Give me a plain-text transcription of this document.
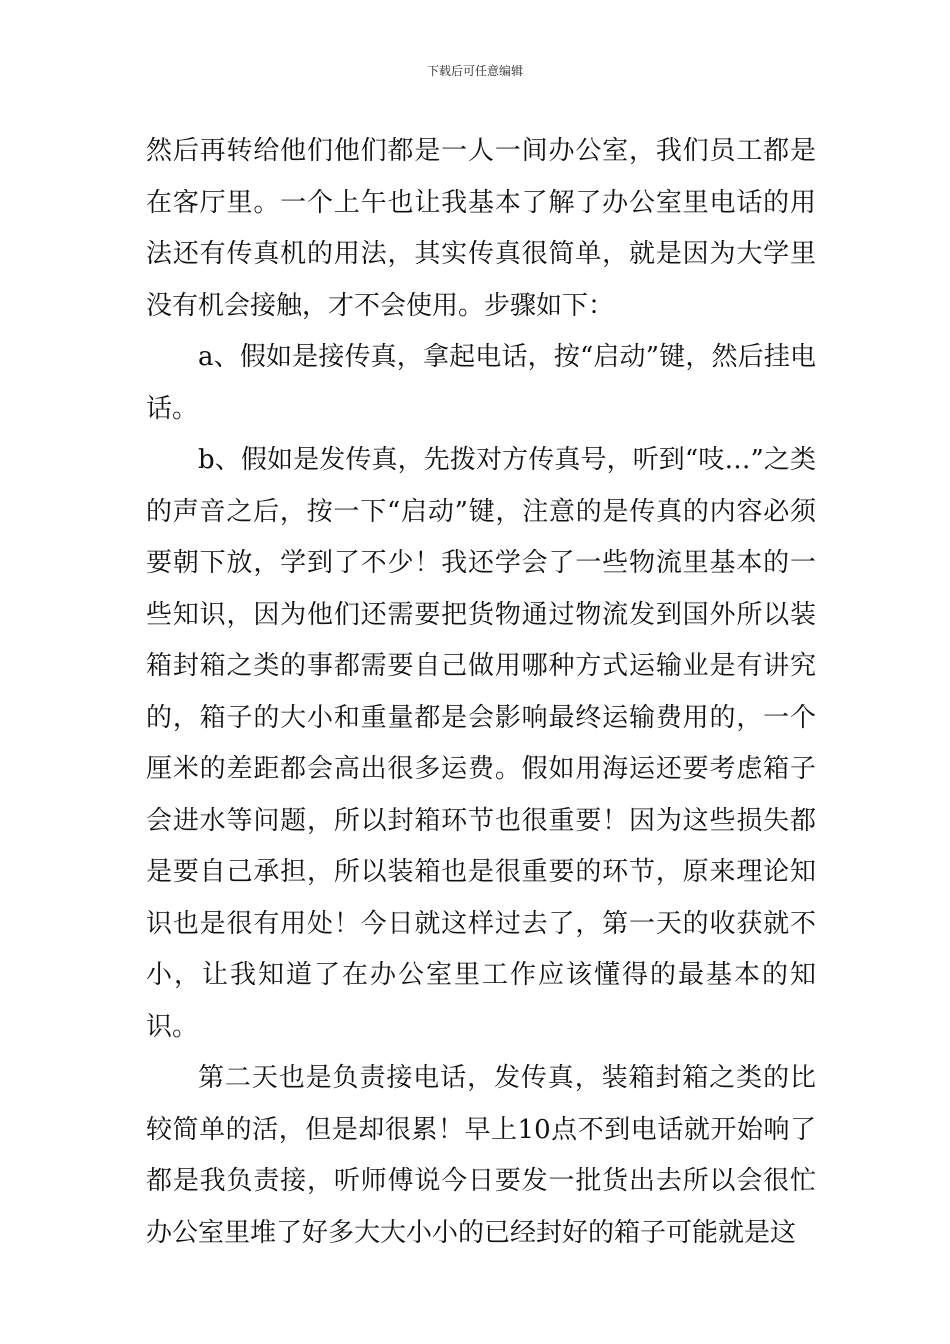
下载后可任意编辑

然后再转给他们他们都是一人一间办公室，我们员工都是在客厅里。一个上午也让我基本了解了办公室里电话的用法还有传真机的用法，其实传真很简单，就是因为大学里没有机会接触，才不会使用。步骤如下：

a、假如是接传真，拿起电话，按“启动”键，然后挂电话。

b、假如是发传真，先拨对方传真号，听到“吱…”之类的声音之后，按一下“启动”键，注意的是传真的内容必须要朝下放，学到了不少！我还学会了一些物流里基本的一些知识，因为他们还需要把货物通过物流发到国外所以装箱封箱之类的事都需要自己做用哪种方式运输业是有讲究的，箱子的大小和重量都是会影响最终运输费用的，一个厘米的差距都会高出很多运费。假如用海运还要考虑箱子会进水等问题，所以封箱环节也很重要！因为这些损失都是要自己承担，所以装箱也是很重要的环节，原来理论知识也是很有用处！今日就这样过去了，第一天的收获就不小，让我知道了在办公室里工作应该懂得的最基本的知识。

第二天也是负责接电话，发传真，装箱封箱之类的比较简单的活，但是却很累！早上10点不到电话就开始响了都是我负责接，听师傅说今日要发一批货出去所以会很忙办公室里堆了好多大大小小的已经封好的箱子可能就是这
